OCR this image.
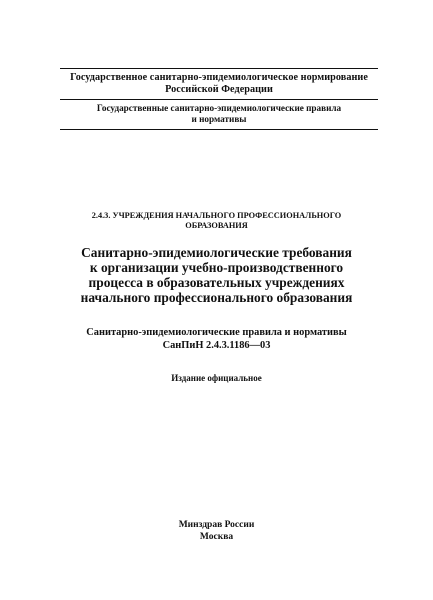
Государственное санитарно-эпидемиологическое нормирование
Российской Федерации
Государственные санитарно-эпидемиологические правила
и нормативы
2.4.3. УЧРЕЖДЕНИЯ НАЧАЛЬНОГО ПРОФЕССИОНАЛЬНОГО
ОБРАЗОВАНИЯ
Санитарно-эпидемиологические требования
к организации учебно-производственного
процесса в образовательных учреждениях
начального профессионального образования
Санитарно-эпидемиологические правила и нормативы
СанПиН 2.4.3.1186—03
Издание официальное
Минздрав России
Москва
